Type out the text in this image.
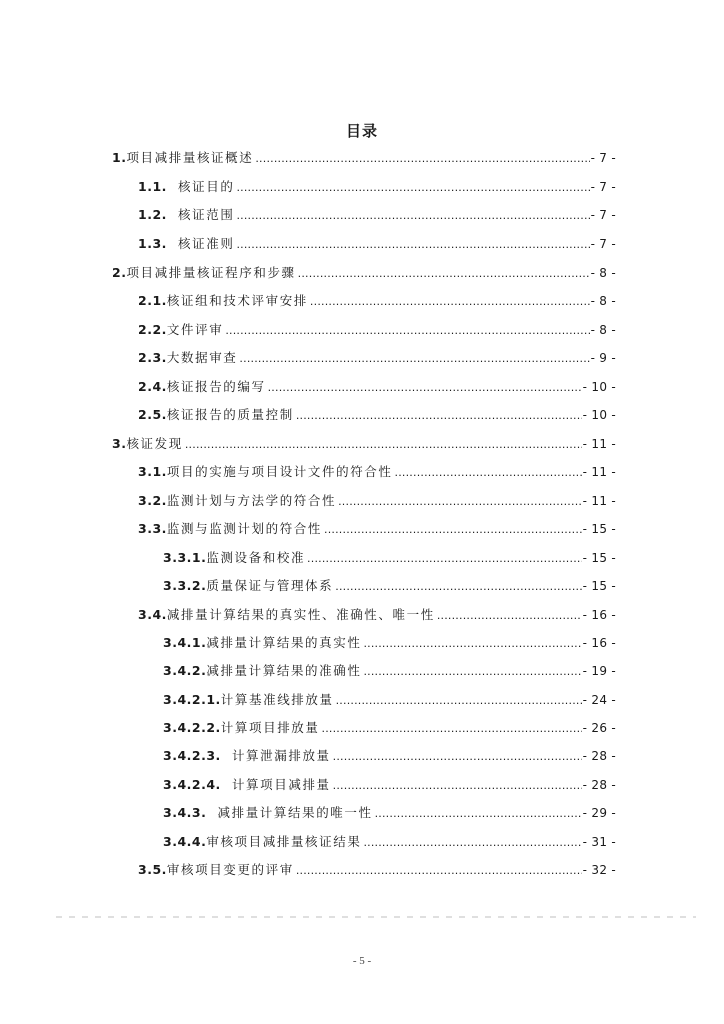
目录
1.项目减排量核证概述 .....	- 7 -
1.1.  核证目的 .....	- 7 -
1.2.  核证范围 .....	- 7 -
1.3.  核证准则 .....	- 7 -
2.项目减排量核证程序和步骤 .....	- 8 -
2.1.核证组和技术评审安排 .....	- 8 -
2.2.文件评审 .....	- 8 -
2.3.大数据审查 .....	- 9 -
2.4.核证报告的编写 .....	- 10 -
2.5.核证报告的质量控制 .....	- 10 -
3.核证发现 .....	- 11 -
3.1.项目的实施与项目设计文件的符合性 .....	- 11 -
3.2.监测计划与方法学的符合性 .....	- 11 -
3.3.监测与监测计划的符合性 .....	- 15 -
3.3.1.监测设备和校准 .....	- 15 -
3.3.2.质量保证与管理体系 .....	- 15 -
3.4.减排量计算结果的真实性、准确性、唯一性 .....	- 16 -
3.4.1.减排量计算结果的真实性 .....	- 16 -
3.4.2.减排量计算结果的准确性 .....	- 19 -
3.4.2.1.计算基准线排放量 .....	- 24 -
3.4.2.2.计算项目排放量 .....	- 26 -
3.4.2.3.  计算泄漏排放量 .....	- 28 -
3.4.2.4.  计算项目减排量 .....	- 28 -
3.4.3.  减排量计算结果的唯一性 .....	- 29 -
3.4.4.审核项目减排量核证结果 .....	- 31 -
3.5.审核项目变更的评审 .....	- 32 -
- 5 -
